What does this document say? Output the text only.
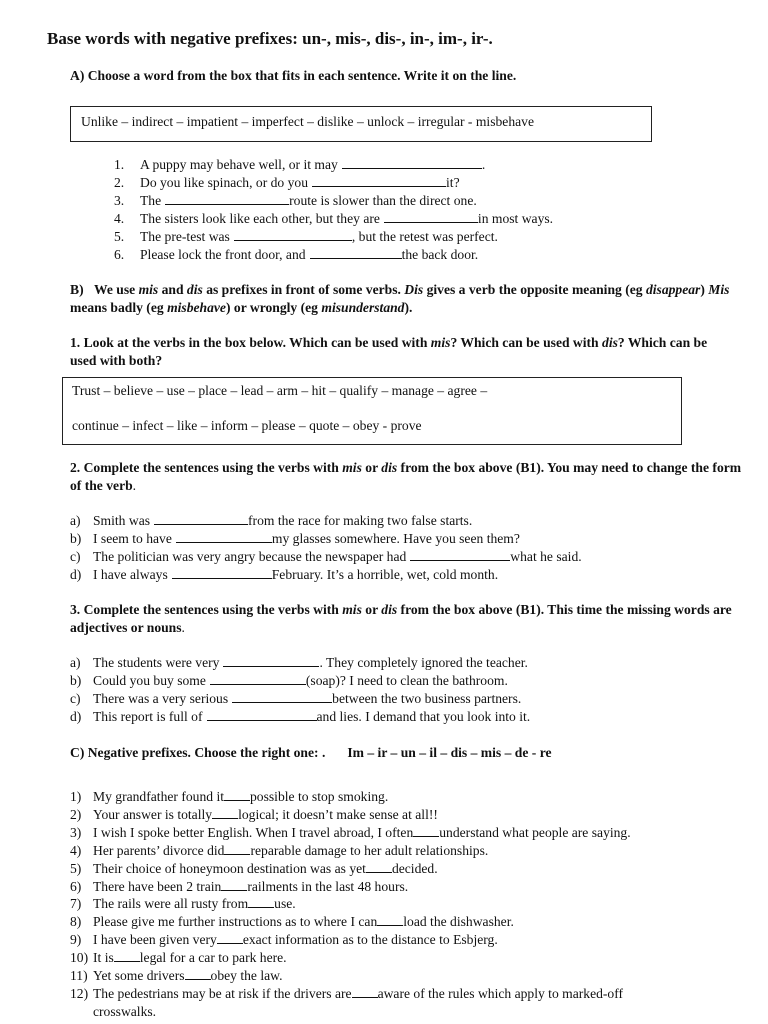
Base words with negative prefixes: un-, mis-, dis-, in-, im-, ir-.
A) Choose a word from the box that fits in each sentence. Write it on the line.
Unlike – indirect – impatient – imperfect – dislike – unlock – irregular - misbehave
1.	A puppy may behave well, or it may	.
2.	Do you like spinach, or do you	it?
3.	The	route is slower than the direct one.
4.	The sisters look like each other, but they are	in most ways.
5.	The pre-test was	, but the retest was perfect.
6.	Please lock the front door, and	the back door.
B) We use mis and dis as prefixes in front of some verbs. Dis gives a verb the opposite meaning (eg disappear) Mis means badly (eg misbehave) or wrongly (eg misunderstand).
1. Look at the verbs in the box below. Which can be used with mis? Which can be used with dis? Which can be used with both?
Trust – believe – use – place – lead – arm – hit – qualify – manage – agree –
continue – infect – like – inform – please – quote – obey - prove
2. Complete the sentences using the verbs with mis or dis from the box above (B1). You may need to change the form of the verb.
a) Smith was	from the race for making two false starts.
b) I seem to have	my glasses somewhere. Have you seen them?
c) The politician was very angry because the newspaper had	what he said.
d) I have always	February. It’s a horrible, wet, cold month.
3. Complete the sentences using the verbs with mis or dis from the box above (B1). This time the missing words are adjectives or nouns.
a) The students were very	. They completely ignored the teacher.
b) Could you buy some	(soap)? I need to clean the bathroom.
c) There was a very serious	between the two business partners.
d) This report is full of	and lies. I demand that you look into it.
C) Negative prefixes. Choose the right one: . Im – ir – un – il – dis – mis – de - re
1) My grandfather found it possible to stop smoking.
2) Your answer is totally logical; it doesn’t make sense at all!!
3) I wish I spoke better English. When I travel abroad, I often understand what people are saying.
4) Her parents’ divorce did reparable damage to her adult relationships.
5) Their choice of honeymoon destination was as yet decided.
6) There have been 2 train railments in the last 48 hours.
7) The rails were all rusty from use.
8) Please give me further instructions as to where I can load the dishwasher.
9) I have been given very exact information as to the distance to Esbjerg.
10) It is legal for a car to park here.
11) Yet some drivers obey the law.
12) The pedestrians may be at risk if the drivers are aware of the rules which apply to marked-off
crosswalks.
